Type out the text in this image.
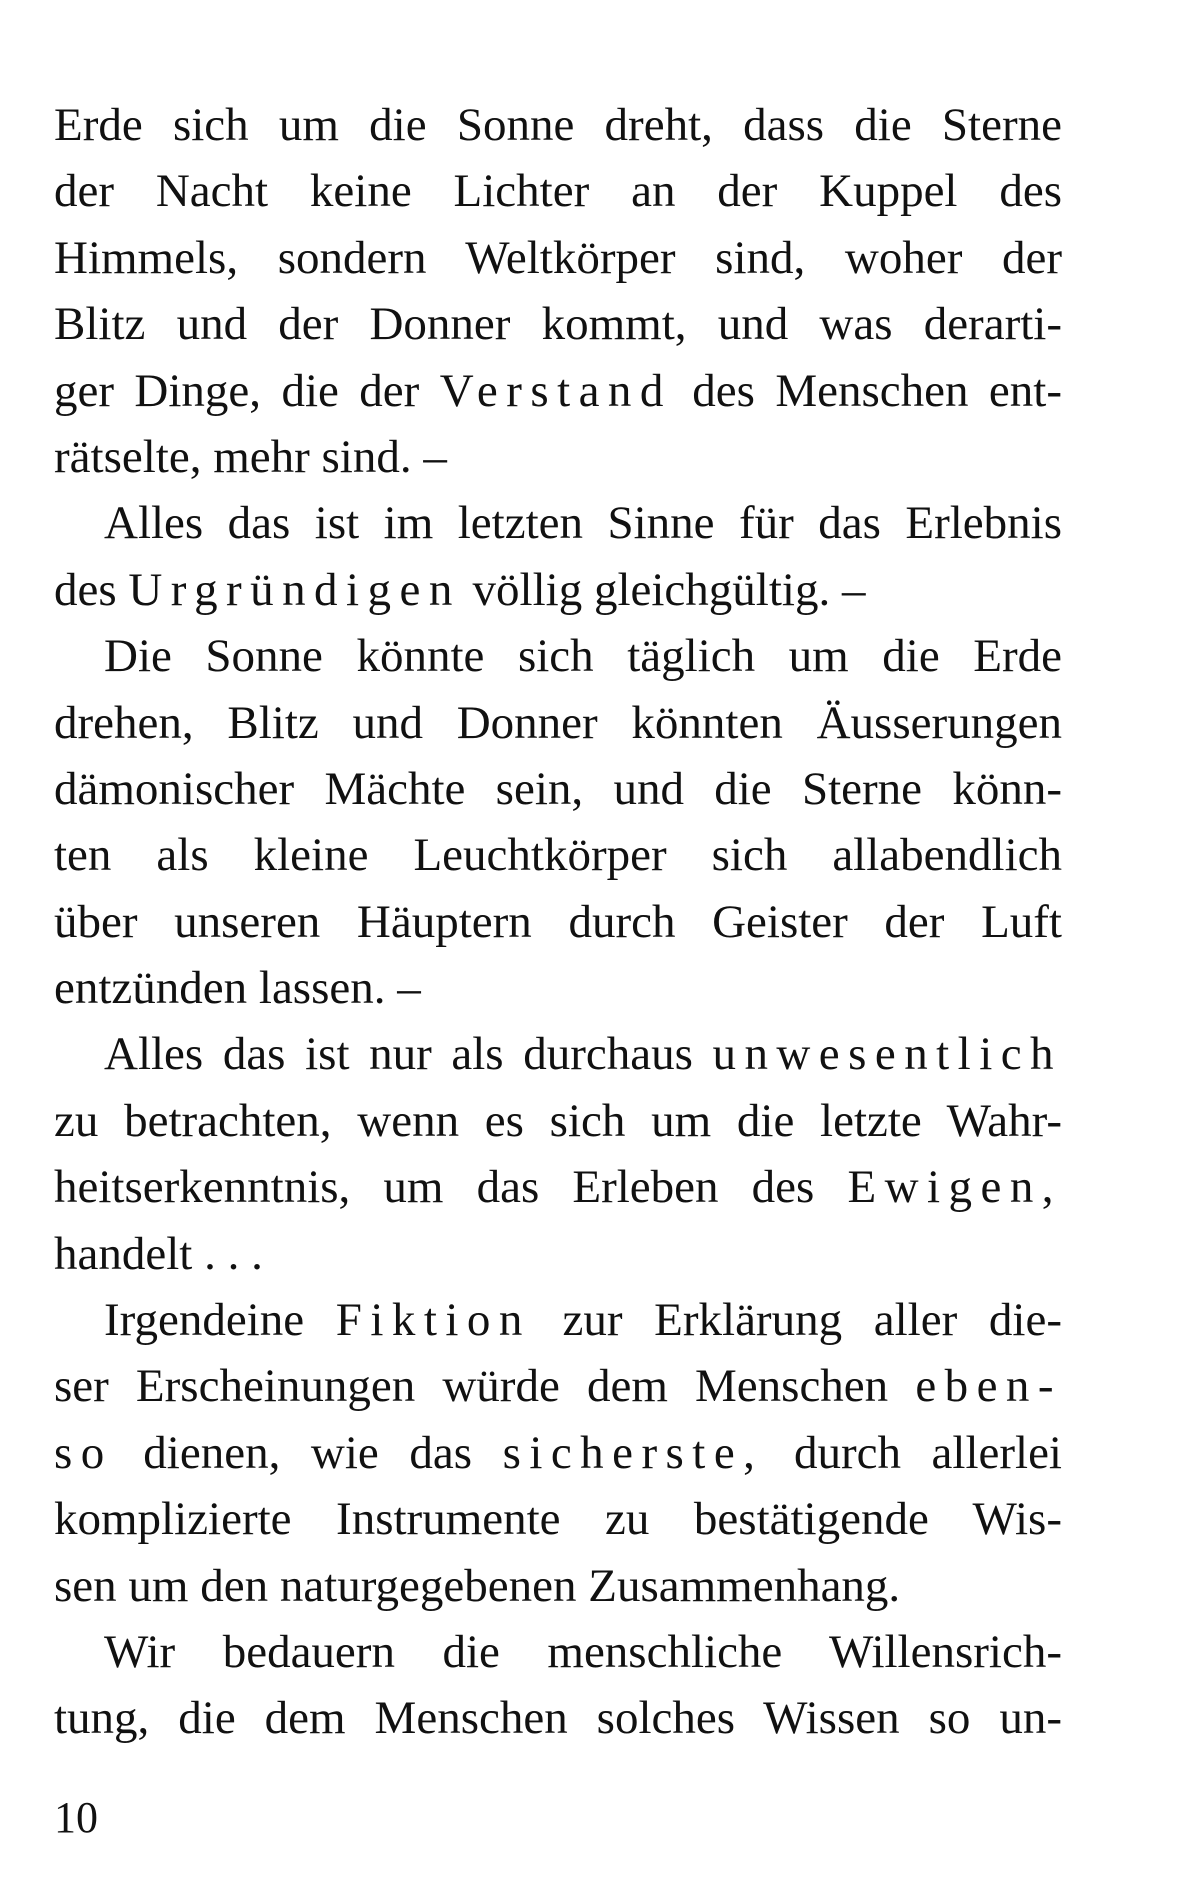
Erde sich um die Sonne dreht, dass die Sterne
der Nacht keine Lichter an der Kuppel des
Himmels, sondern Weltkörper sind, woher der
Blitz und der Donner kommt, und was derarti-
ger Dinge, die der Verstand des Menschen ent-
rätselte, mehr sind. –
Alles das ist im letzten Sinne für das Erlebnis
des Urgründigen völlig gleichgültig. –
Die Sonne könnte sich täglich um die Erde
drehen, Blitz und Donner könnten Äusserungen
dämonischer Mächte sein, und die Sterne könn-
ten als kleine Leuchtkörper sich allabendlich
über unseren Häuptern durch Geister der Luft
entzünden lassen. –
Alles das ist nur als durchaus unwesentlich
zu betrachten, wenn es sich um die letzte Wahr-
heitserkenntnis, um das Erleben des Ewigen,
handelt . . .
Irgendeine Fiktion zur Erklärung aller die-
ser Erscheinungen würde dem Menschen eben-
so dienen, wie das sicherste, durch allerlei
komplizierte Instrumente zu bestätigende Wis-
sen um den naturgegebenen Zusammenhang.
Wir bedauern die menschliche Willensrich-
tung, die dem Menschen solches Wissen so un-
10
